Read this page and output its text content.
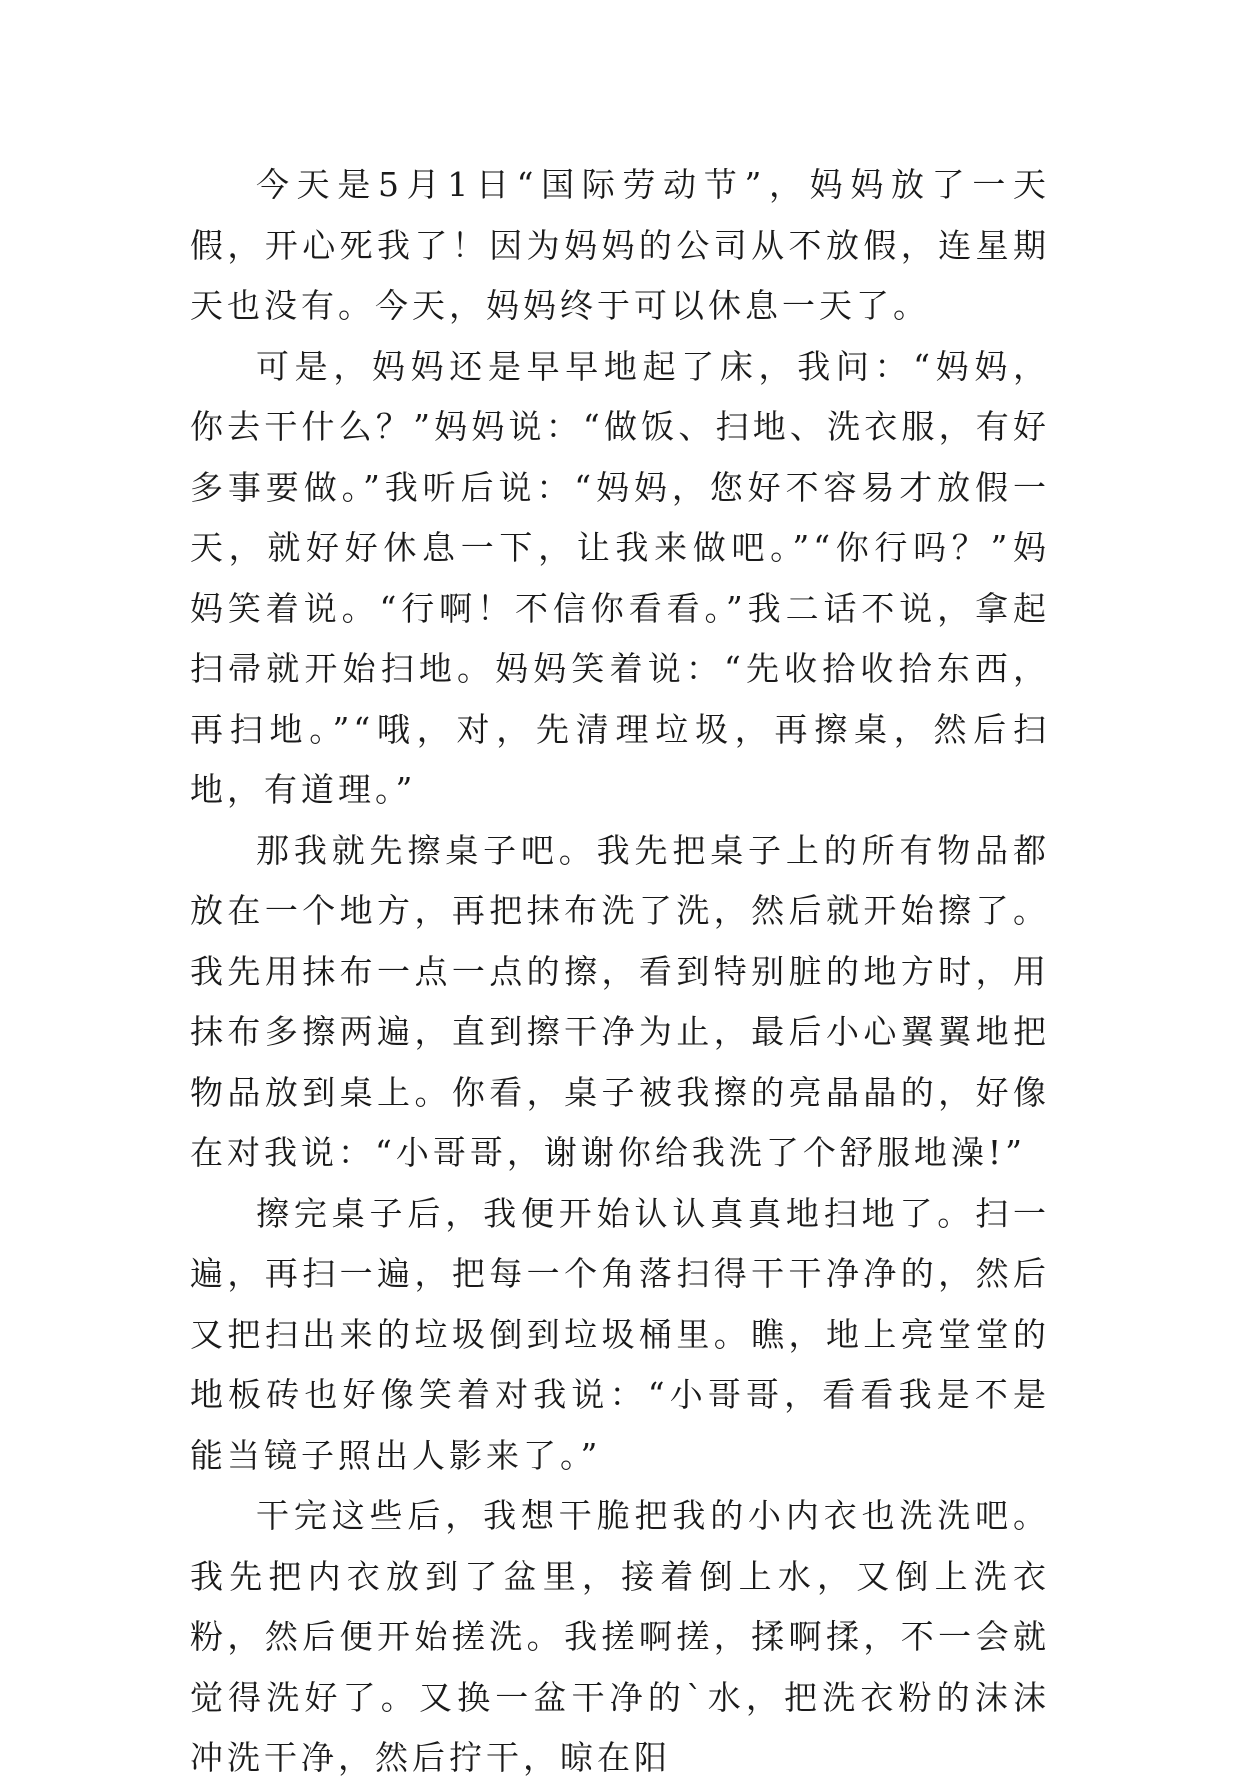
今天是5月1日“国际劳动节”，妈妈放了一天假，开心死我了！因为妈妈的公司从不放假，连星期天也没有。今天，妈妈终于可以休息一天了。

可是，妈妈还是早早地起了床，我问：“妈妈，你去干什么？”妈妈说：“做饭、扫地、洗衣服，有好多事要做。”我听后说：“妈妈，您好不容易才放假一天，就好好休息一下，让我来做吧。”“你行吗？”妈妈笑着说。“行啊！不信你看看。”我二话不说，拿起扫帚就开始扫地。妈妈笑着说：“先收拾收拾东西，再扫地。”“哦，对，先清理垃圾，再擦桌，然后扫地，有道理。”

那我就先擦桌子吧。我先把桌子上的所有物品都放在一个地方，再把抹布洗了洗，然后就开始擦了。我先用抹布一点一点的擦，看到特别脏的地方时，用抹布多擦两遍，直到擦干净为止，最后小心翼翼地把物品放到桌上。你看，桌子被我擦的亮晶晶的，好像在对我说：“小哥哥，谢谢你给我洗了个舒服地澡!”

擦完桌子后，我便开始认认真真地扫地了。扫一遍，再扫一遍，把每一个角落扫得干干净净的，然后又把扫出来的垃圾倒到垃圾桶里。瞧，地上亮堂堂的地板砖也好像笑着对我说：“小哥哥，看看我是不是能当镜子照出人影来了。”

干完这些后，我想干脆把我的小内衣也洗洗吧。我先把内衣放到了盆里，接着倒上水，又倒上洗衣粉，然后便开始搓洗。我搓啊搓，揉啊揉，不一会就觉得洗好了。又换一盆干净的`水，把洗衣粉的沫沫冲洗干净，然后拧干，晾在阳
